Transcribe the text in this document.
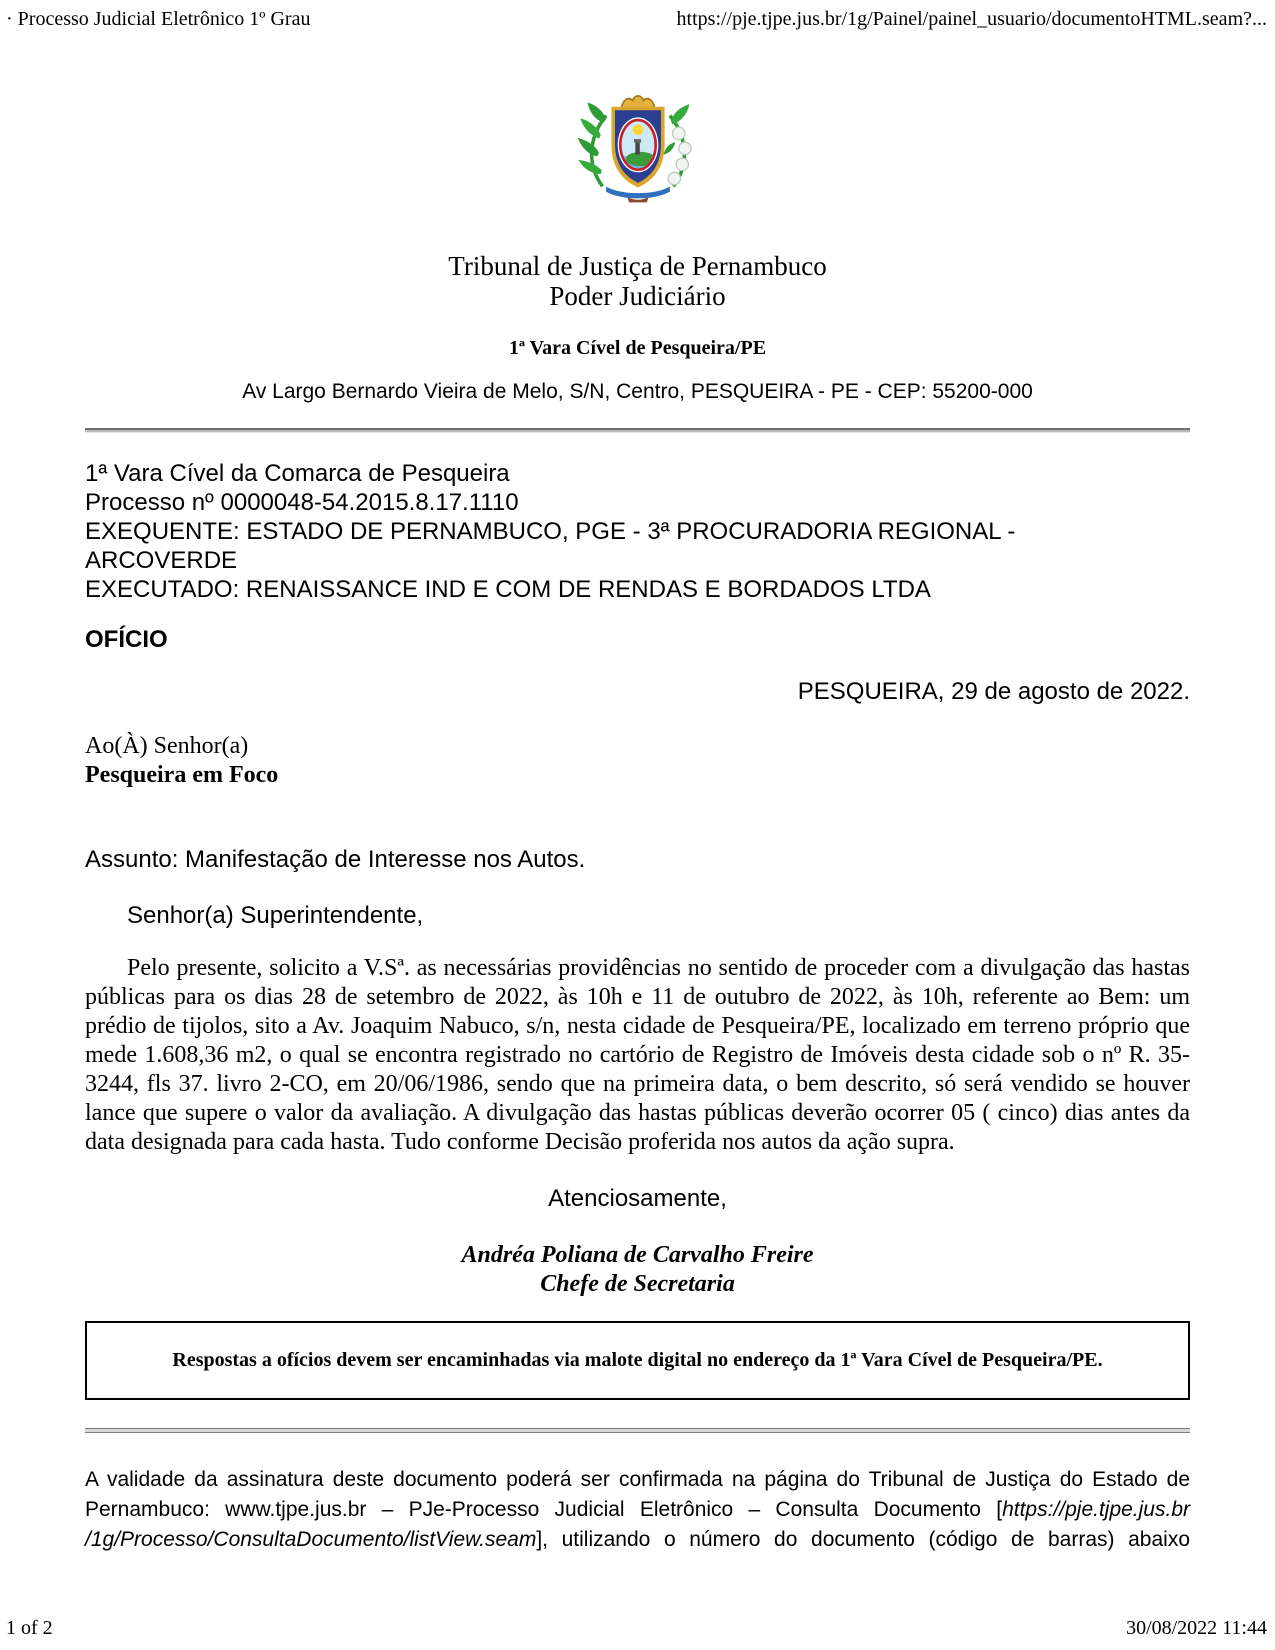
· Processo Judicial Eletrônico 1º Grau	https://pje.tjpe.jus.br/1g/Painel/painel_usuario/documentoHTML.seam?...
Tribunal de Justiça de Pernambuco
Poder Judiciário
1ª Vara Cível de Pesqueira/PE
Av Largo Bernardo Vieira de Melo, S/N, Centro, PESQUEIRA - PE - CEP: 55200-000
1ª Vara Cível da Comarca de Pesqueira
Processo nº 0000048-54.2015.8.17.1110
EXEQUENTE: ESTADO DE PERNAMBUCO, PGE - 3ª PROCURADORIA REGIONAL -
ARCOVERDE
EXECUTADO: RENAISSANCE IND E COM DE RENDAS E BORDADOS LTDA
OFÍCIO
PESQUEIRA, 29 de agosto de 2022.
Ao(À) Senhor(a)
Pesqueira em Foco
Assunto: Manifestação de Interesse nos Autos.
Senhor(a) Superintendente,
Pelo presente, solicito a V.Sª. as necessárias providências no sentido de proceder com a divulgação das hastas públicas para os dias 28 de setembro de 2022, às 10h e 11 de outubro de 2022, às 10h, referente ao Bem: um prédio de tijolos, sito a Av. Joaquim Nabuco, s/n, nesta cidade de Pesqueira/PE, localizado em terreno próprio que mede 1.608,36 m2, o qual se encontra registrado no cartório de Registro de Imóveis desta cidade sob o nº R. 35-3244, fls 37. livro 2-CO, em 20/06/1986, sendo que na primeira data, o bem descrito, só será vendido se houver lance que supere o valor da avaliação. A divulgação das hastas públicas deverão ocorrer 05 ( cinco) dias antes da data designada para cada hasta. Tudo conforme Decisão proferida nos autos da ação supra.
Atenciosamente,
Andréa Poliana de Carvalho Freire
Chefe de Secretaria
Respostas a ofícios devem ser encaminhadas via malote digital no endereço da 1ª Vara Cível de Pesqueira/PE.
A validade da assinatura deste documento poderá ser confirmada na página do Tribunal de Justiça do Estado de Pernambuco: www.tjpe.jus.br – PJe-Processo Judicial Eletrônico – Consulta Documento [https://pje.tjpe.jus.br /1g/Processo/ConsultaDocumento/listView.seam], utilizando o número do documento (código de barras) abaixo
1 of 2	30/08/2022 11:44
